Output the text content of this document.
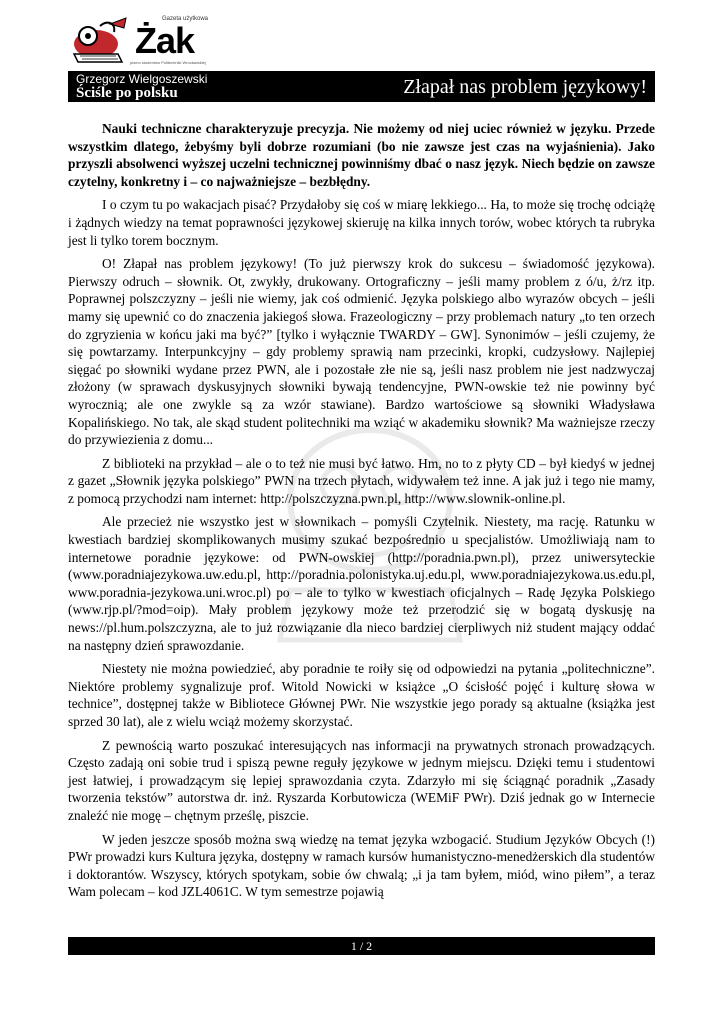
Gazeta użytkowa
Żak
pismo studentów Politechniki Wrocławskiej
Grzegorz Wielgoszewski
Ściśle po polsku	Złapał nas problem językowy!

Nauki techniczne charakteryzuje precyzja. Nie możemy od niej uciec również w języku. Przede wszystkim dlatego, żebyśmy byli dobrze rozumiani (bo nie zawsze jest czas na wyjaśnienia). Jako przyszli absolwenci wyższej uczelni technicznej powinniśmy dbać o nasz język. Niech będzie on zawsze czytelny, konkretny i – co najważniejsze – bezbłędny.

I o czym tu po wakacjach pisać? Przydałoby się coś w miarę lekkiego... Ha, to może się trochę odciążę i żądnych wiedzy na temat poprawności językowej skieruję na kilka innych torów, wobec których ta rubryka jest li tylko torem bocznym.

O! Złapał nas problem językowy! (To już pierwszy krok do sukcesu – świadomość językowa). Pierwszy odruch – słownik. Ot, zwykły, drukowany. Ortograficzny – jeśli mamy problem z ó/u, ż/rz itp. Poprawnej polszczyzny – jeśli nie wiemy, jak coś odmienić. Języka polskiego albo wyrazów obcych – jeśli mamy się upewnić co do znaczenia jakiegoś słowa. Frazeologiczny – przy problemach natury „to ten orzech do zgryzienia w końcu jaki ma być?” [tylko i wyłącznie TWARDY – GW]. Synonimów – jeśli czujemy, że się powtarzamy. Interpunkcyjny – gdy problemy sprawią nam przecinki, kropki, cudzysłowy. Najlepiej sięgać po słowniki wydane przez PWN, ale i pozostałe złe nie są, jeśli nasz problem nie jest nadzwyczaj złożony (w sprawach dyskusyjnych słowniki bywają tendencyjne, PWN-owskie też nie powinny być wyrocznią; ale one zwykle są za wzór stawiane). Bardzo wartościowe są słowniki Władysława Kopalińskiego. No tak, ale skąd student politechniki ma wziąć w akademiku słownik? Ma ważniejsze rzeczy do przywiezienia z domu...

Z biblioteki na przykład – ale o to też nie musi być łatwo. Hm, no to z płyty CD – był kiedyś w jednej z gazet „Słownik języka polskiego” PWN na trzech płytach, widywałem też inne. A jak już i tego nie mamy, z pomocą przychodzi nam internet: http://polszczyzna.pwn.pl, http://www.slownik-online.pl.

Ale przecież nie wszystko jest w słownikach – pomyśli Czytelnik. Niestety, ma rację. Ratunku w kwestiach bardziej skomplikowanych musimy szukać bezpośrednio u specjalistów. Umożliwiają nam to internetowe poradnie językowe: od PWN-owskiej (http://poradnia.pwn.pl), przez uniwersyteckie (www.poradniajezykowa.uw.edu.pl, http://poradnia.polonistyka.uj.edu.pl, www.poradniajezykowa.us.edu.pl, www.poradnia-jezykowa.uni.wroc.pl) po – ale to tylko w kwestiach oficjalnych – Radę Języka Polskiego (www.rjp.pl/?mod=oip). Mały problem językowy może też przerodzić się w bogatą dyskusję na news://pl.hum.polszczyzna, ale to już rozwiązanie dla nieco bardziej cierpliwych niż student mający oddać na następny dzień sprawozdanie.

Niestety nie można powiedzieć, aby poradnie te roiły się od odpowiedzi na pytania „politechniczne”. Niektóre problemy sygnalizuje prof. Witold Nowicki w książce „O ścisłość pojęć i kulturę słowa w technice”, dostępnej także w Bibliotece Głównej PWr. Nie wszystkie jego porady są aktualne (książka jest sprzed 30 lat), ale z wielu wciąż możemy skorzystać.

Z pewnością warto poszukać interesujących nas informacji na prywatnych stronach prowadzących. Często zadają oni sobie trud i spiszą pewne reguły językowe w jednym miejscu. Dzięki temu i studentowi jest łatwiej, i prowadzącym się lepiej sprawozdania czyta. Zdarzyło mi się ściągnąć poradnik „Zasady tworzenia tekstów” autorstwa dr. inż. Ryszarda Korbutowicza (WEMiF PWr). Dziś jednak go w Internecie znaleźć nie mogę – chętnym prześlę, piszcie.

W jeden jeszcze sposób można swą wiedzę na temat języka wzbogacić. Studium Języków Obcych (!) PWr prowadzi kurs Kultura języka, dostępny w ramach kursów humanistyczno-menedżerskich dla studentów i doktorantów. Wszyscy, których spotykam, sobie ów chwalą; „i ja tam byłem, miód, wino piłem”, a teraz Wam polecam – kod JZL4061C. W tym semestrze pojawią

1 / 2
